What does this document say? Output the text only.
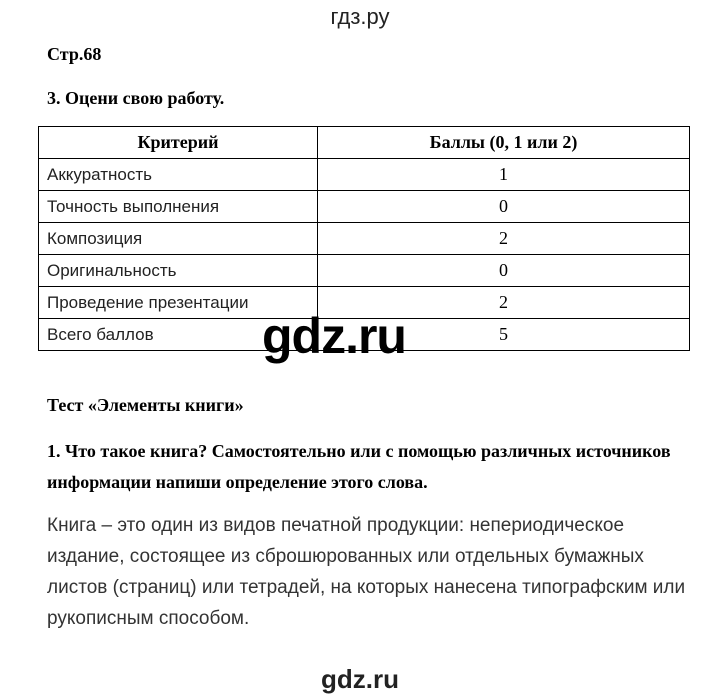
гдз.ру
Стр.68
3. Оцени свою работу.
Критерий	Баллы (0, 1 или 2)
Аккуратность	1
Точность выполнения	0
Композиция	2
Оригинальность	0
Проведение презентации	2
Всего баллов	5
gdz.ru
Тест «Элементы книги»
1. Что такое книга? Самостоятельно или с помощью различных источников информации напиши определение этого слова.
Книга – это один из видов печатной продукции: непериодическое издание, состоящее из сброшюрованных или отдельных бумажных листов (страниц) или тетрадей, на которых нанесена типографским или рукописным способом.
gdz.ru
